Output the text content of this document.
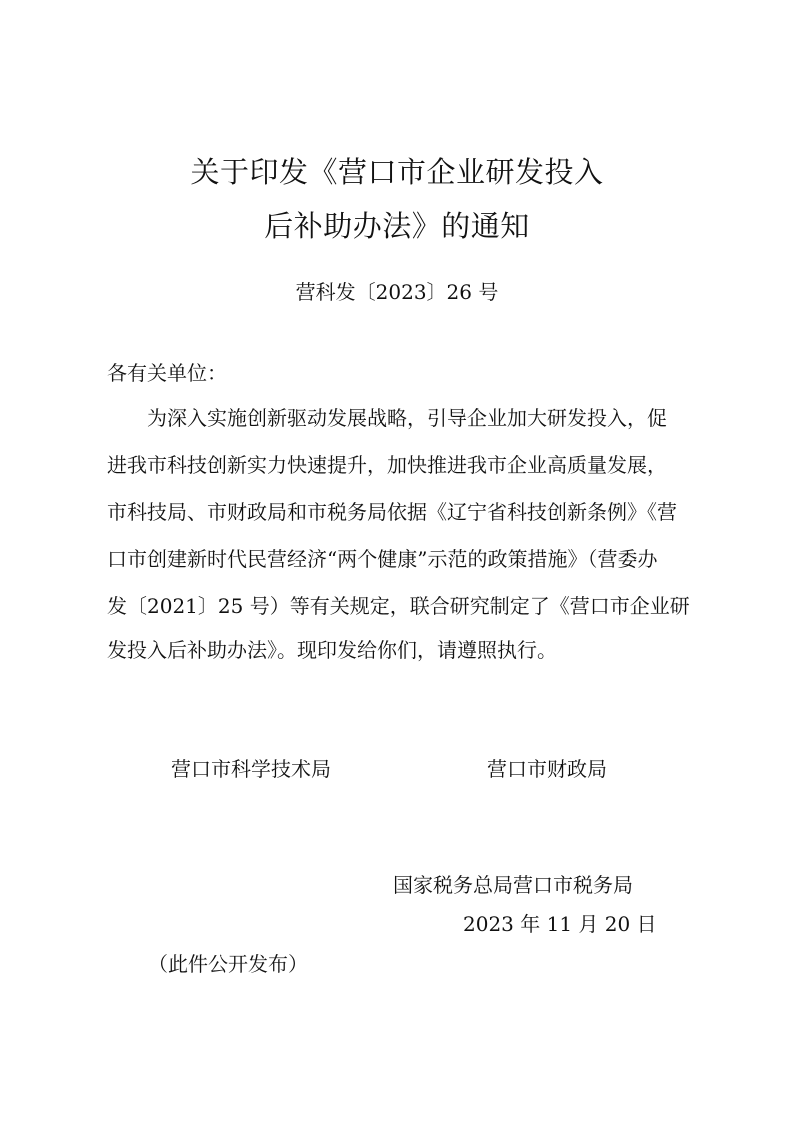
关于印发《营口市企业研发投入
后补助办法》的通知
营科发〔2023〕26 号
各有关单位：
为深入实施创新驱动发展战略，引导企业加大研发投入，促
进我市科技创新实力快速提升，加快推进我市企业高质量发展，
市科技局、市财政局和市税务局依据《辽宁省科技创新条例》《营
口市创建新时代民营经济“两个健康”示范的政策措施》（营委办
发〔2021〕25 号）等有关规定，联合研究制定了《营口市企业研
发投入后补助办法》。现印发给你们，请遵照执行。
营口市科学技术局	营口市财政局
国家税务总局营口市税务局
2023 年 11 月 20 日
（此件公开发布）
